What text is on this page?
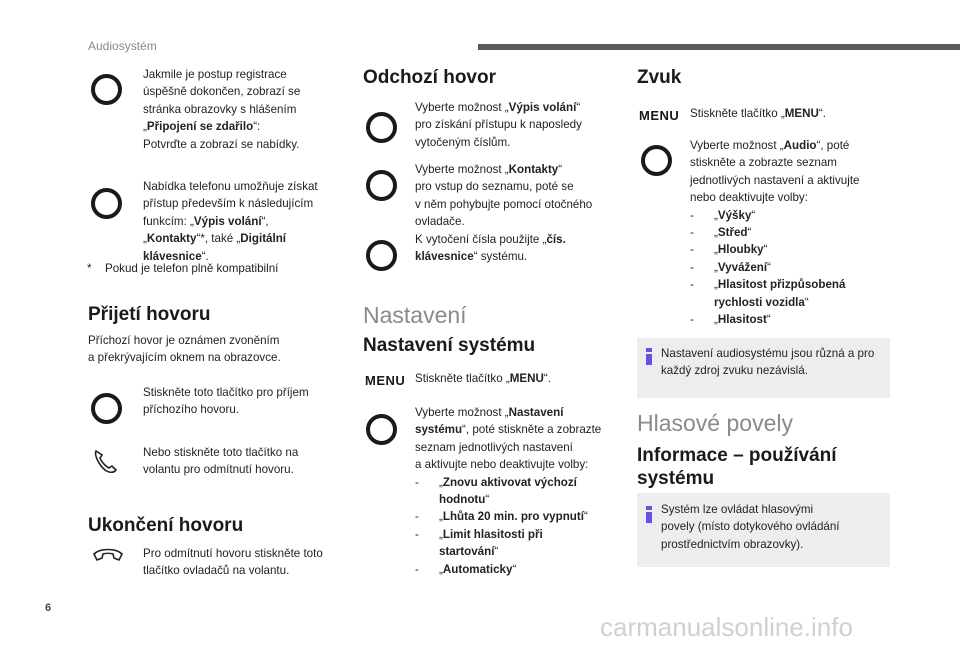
Audiosystém
Jakmile je postup registrace
úspěšně dokončen, zobrazí se
stránka obrazovky s hlášením
„Připojení se zdařilo“:
Potvrďte a zobrazí se nabídky.
Nabídka telefonu umožňuje získat
přístup především k následujícím
funkcím: „Výpis volání“,
„Kontakty“*, také „Digitální
klávesnice“.
* Pokud je telefon plně kompatibilní
Přijetí hovoru
Příchozí hovor je oznámen zvoněním
a překrývajícím oknem na obrazovce.
Stiskněte toto tlačítko pro příjem
příchozího hovoru.
Nebo stiskněte toto tlačítko na
volantu pro odmítnutí hovoru.
Ukončení hovoru
Pro odmítnutí hovoru stiskněte toto
tlačítko ovladačů na volantu.
Odchozí hovor
Vyberte možnost „Výpis volání“
pro získání přístupu k naposledy
vytočeným číslům.
Vyberte možnost „Kontakty“
pro vstup do seznamu, poté se
v něm pohybujte pomocí otočného
ovladače.
K vytočení čísla použijte „čís.
klávesnice“ systému.
Nastavení
Nastavení systému
MENU Stiskněte tlačítko „MENU“.
Vyberte možnost „Nastavení
systému“, poté stiskněte a zobrazte
seznam jednotlivých nastavení
a aktivujte nebo deaktivujte volby:
- „Znovu aktivovat výchozí
hodnotu“
- „Lhůta 20 min. pro vypnutí“
- „Limit hlasitosti při
startování“
- „Automaticky“
Zvuk
MENU Stiskněte tlačítko „MENU“.
Vyberte možnost „Audio“, poté
stiskněte a zobrazte seznam
jednotlivých nastavení a aktivujte
nebo deaktivujte volby:
- „Výšky“
- „Střed“
- „Hloubky“
- „Vyvážení“
- „Hlasitost přizpůsobená
rychlosti vozidla“
- „Hlasitost“
Nastavení audiosystému jsou různá a pro
každý zdroj zvuku nezávislá.
Hlasové povely
Informace – používání
systému
Systém lze ovládat hlasovými
povely (místo dotykového ovládání
prostřednictvím obrazovky).
6
carmanualsonline.info
